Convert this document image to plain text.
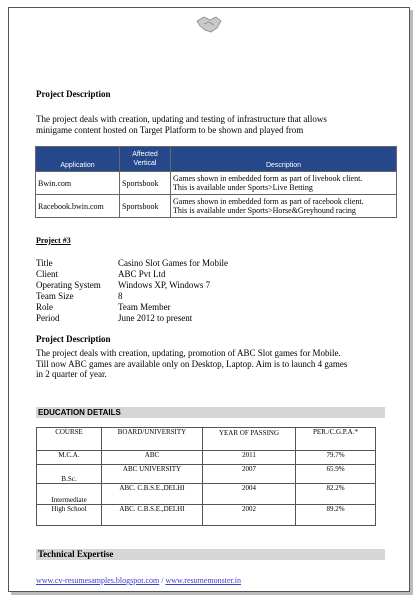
Project Description
The project deals with creation, updating and testing of infrastructure that allows
minigame content hosted on Target Platform to be shown and played from
Application	Affected Vertical	Description
Bwin.com	Sportsbook	Games shown in embedded form as part of livebook client.
This is available under Sports>Live Betting

Racebook.bwin.com	Sportsbook	Games shown in embedded form as part of racebook client.
This is available under Sports>Horse&Greyhound racing
Project #3
Title	Casino Slot Games for Mobile
Client	ABC Pvt Ltd
Operating System	Windows XP, Windows 7
Team Size	8
Role	Team Member
Period	June 2012 to present
Project Description
The project deals with creation, updating, promotion of ABC Slot games for Mobile.
Till now ABC games are available only on Desktop, Laptop. Aim is to launch 4 games
in 2 quarter of year.
EDUCATION DETAILS
COURSE	BOARD/UNIVERSITY	YEAR OF PASSING	PER./C.G.P.A.*
M.C.A.	ABC	2011	79.7%
B.Sc.	ABC UNIVERSITY	2007	65.9%
Intermediate	ABC. C.B.S.E.,DELHI	2004	82.2%
High School	ABC. C.B.S.E.,DELHI	2002	89.2%
Technical Expertise
www.cv-resumesamples.blogspot.com / www.resumemonster.in
